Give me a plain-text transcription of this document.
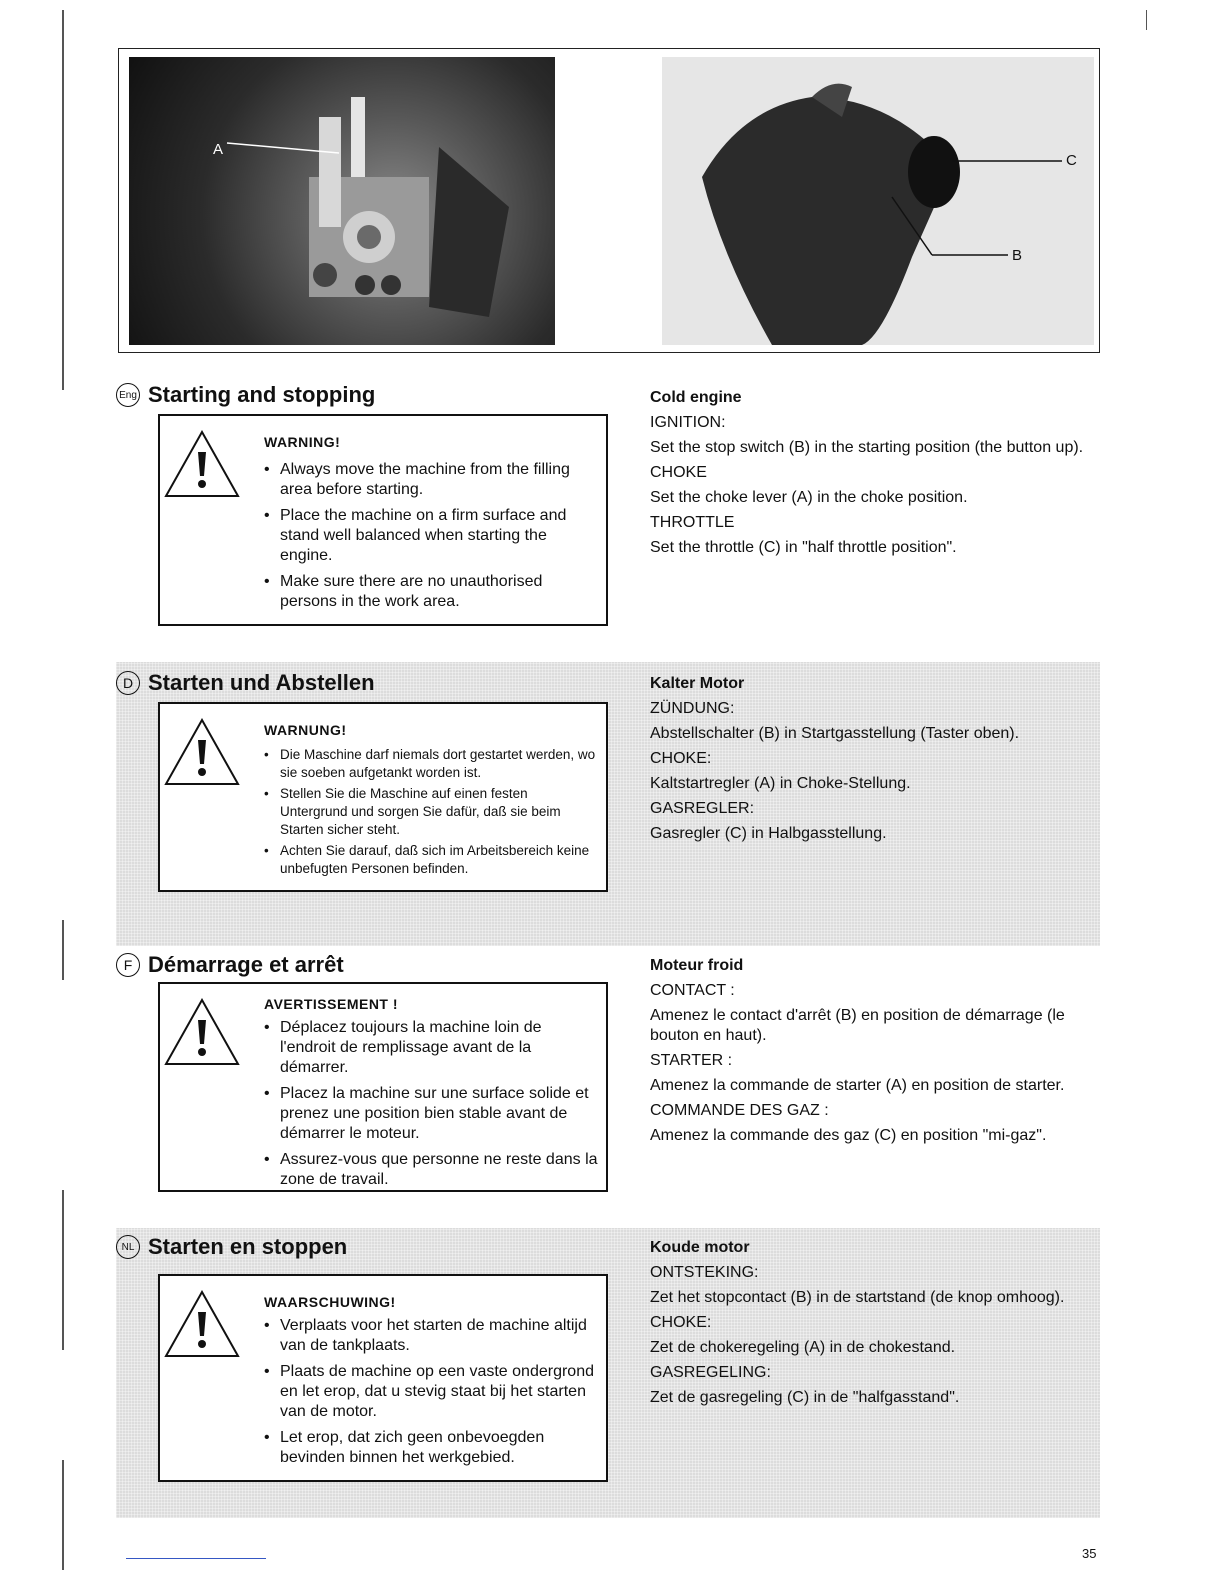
A
C
B
Eng Starting and stopping
WARNING!
• Always move the machine from the filling area before starting.
• Place the machine on a firm surface and stand well balanced when starting the engine.
• Make sure there are no unauthorised persons in the work area.
Cold engine

IGNITION:

Set the stop switch (B) in the starting position (the button up).

CHOKE

Set the choke lever (A) in the choke position.

THROTTLE

Set the throttle (C) in "half throttle position".

D Starten und Abstellen
WARNUNG!
• Die Maschine darf niemals dort gestartet werden, wo sie soeben aufgetankt worden ist.
• Stellen Sie die Maschine auf einen festen Untergrund und sorgen Sie dafür, daß sie beim Starten sicher steht.
• Achten Sie darauf, daß sich im Arbeitsbereich keine unbefugten Personen befinden.
Kalter Motor

ZÜNDUNG:

Abstellschalter (B) in Startgasstellung (Taster oben).

CHOKE:

Kaltstartregler (A) in Choke-Stellung.

GASREGLER:

Gasregler (C) in Halbgasstellung.

F Démarrage et arrêt
AVERTISSEMENT !
• Déplacez toujours la machine loin de l'endroit de remplissage avant de la démarrer.
• Placez la machine sur une surface solide et prenez une position bien stable avant de démarrer le moteur.
• Assurez-vous que personne ne reste dans la zone de travail.
Moteur froid

CONTACT :

Amenez le contact d'arrêt (B) en position de démarrage (le bouton en haut).

STARTER :

Amenez la commande de starter (A) en position de starter.

COMMANDE DES GAZ :

Amenez la commande des gaz (C) en position "mi-gaz".

NL Starten en stoppen
WAARSCHUWING!
• Verplaats voor het starten de machine altijd van de tankplaats.
• Plaats de machine op een vaste ondergrond en let erop, dat u stevig staat bij het starten van de motor.
• Let erop, dat zich geen onbevoegden bevinden binnen het werkgebied.
Koude motor

ONTSTEKING:

Zet het stopcontact (B) in de startstand (de knop omhoog).

CHOKE:

Zet de chokeregeling (A) in de chokestand.

GASREGELING:

Zet de gasregeling (C) in de "halfgasstand".

35
